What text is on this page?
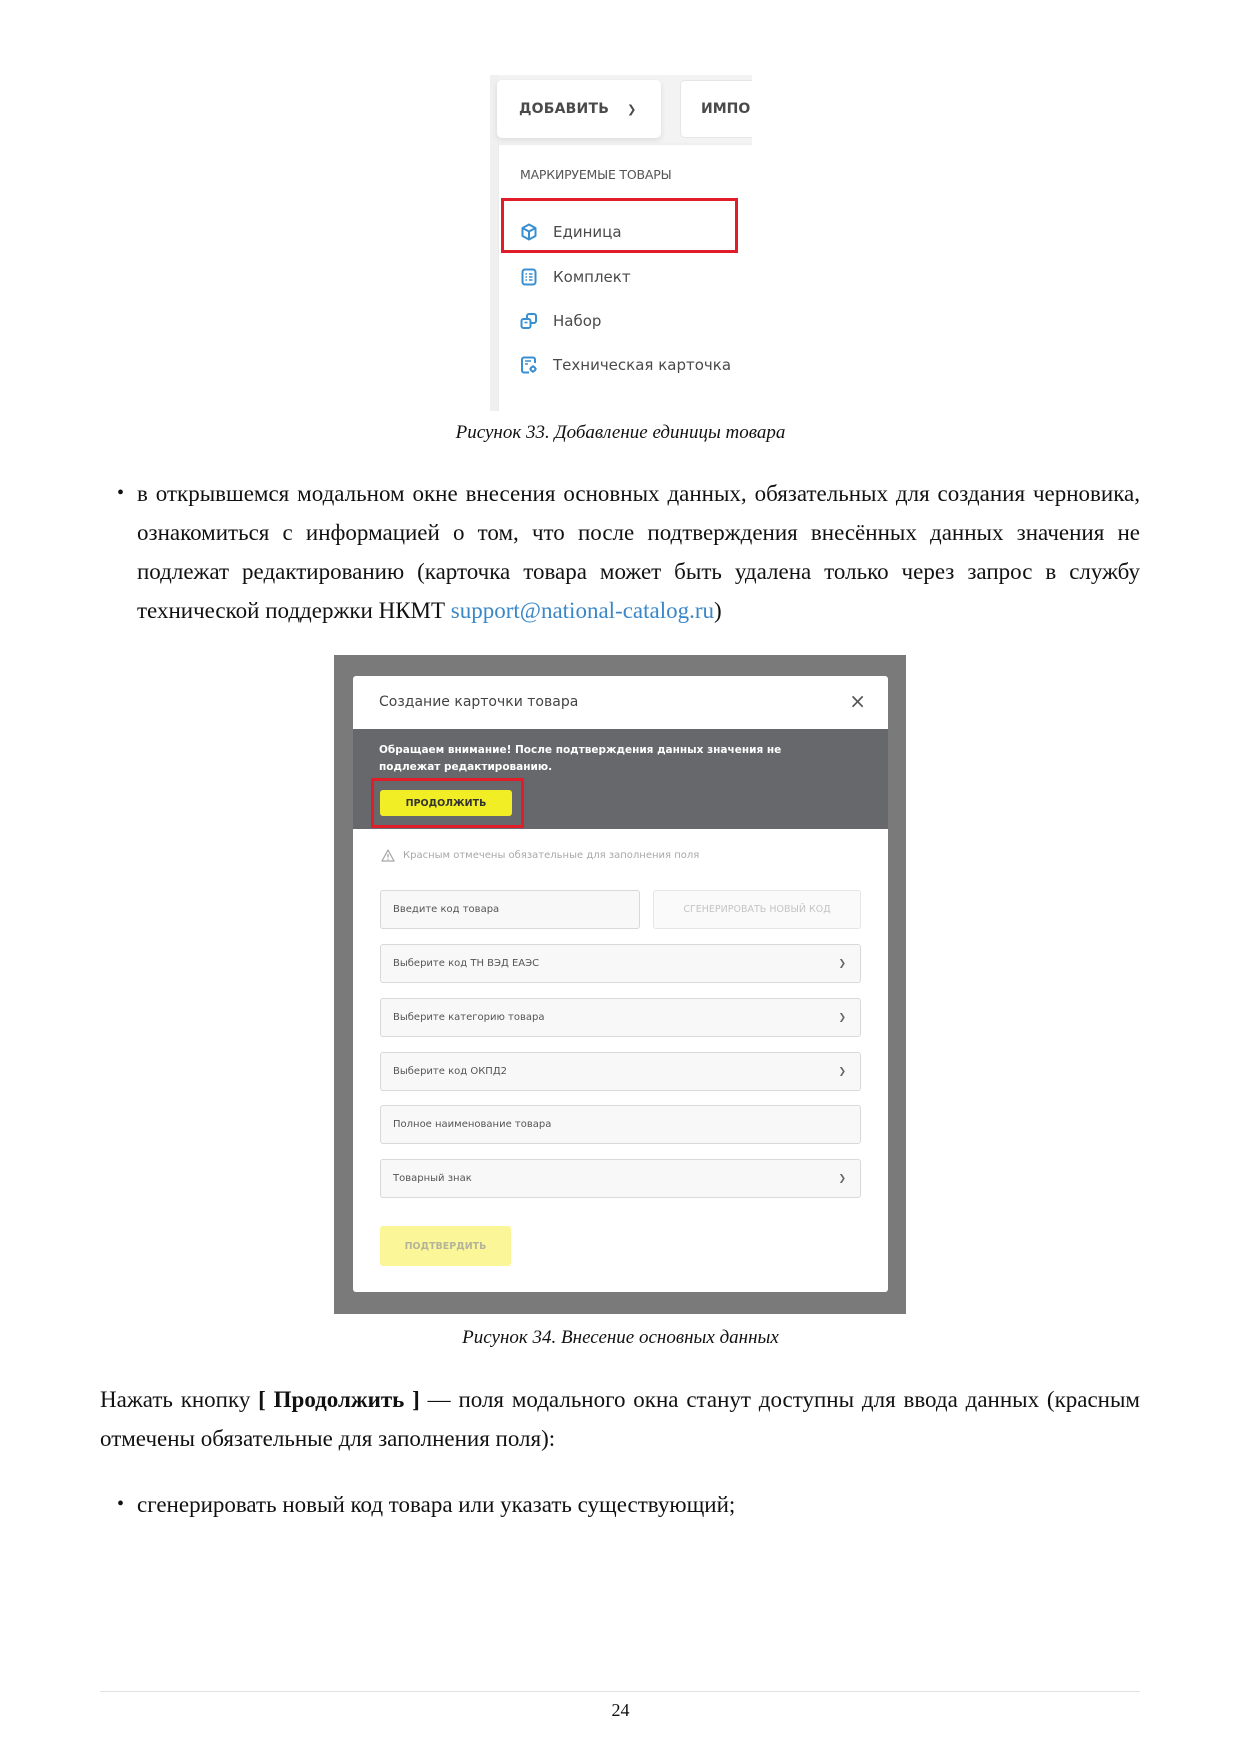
ДОБАВИТЬ ❯	ИМПО
МАРКИРУЕМЫЕ ТОВАРЫ
Единица
Комплект
Набор
Техническая карточка
Рисунок 33. Добавление единицы товара
• в открывшемся модальном окне внесения основных данных, обязательных для создания черновика, ознакомиться с информацией о том, что после подтверждения внесённых данных значения не подлежат редактированию (карточка товара может быть удалена только через запрос в службу технической поддержки НКМТ support@national-catalog.ru)
Создание карточки товара	×
Обращаем внимание! После подтверждения данных значения не подлежат редактированию.
ПРОДОЛЖИТЬ
Красным отмечены обязательные для заполнения поля
Введите код товара	СГЕНЕРИРОВАТЬ НОВЫЙ КОД
Выберите код ТН ВЭД ЕАЭС	❯
Выберите категорию товара	❯
Выберите код ОКПД2	❯
Полное наименование товара
Товарный знак	❯
ПОДТВЕРДИТЬ
Рисунок 34. Внесение основных данных
Нажать кнопку [ Продолжить ] — поля модального окна станут доступны для ввода данных (красным отмечены обязательные для заполнения поля):
• сгенерировать новый код товара или указать существующий;
24
